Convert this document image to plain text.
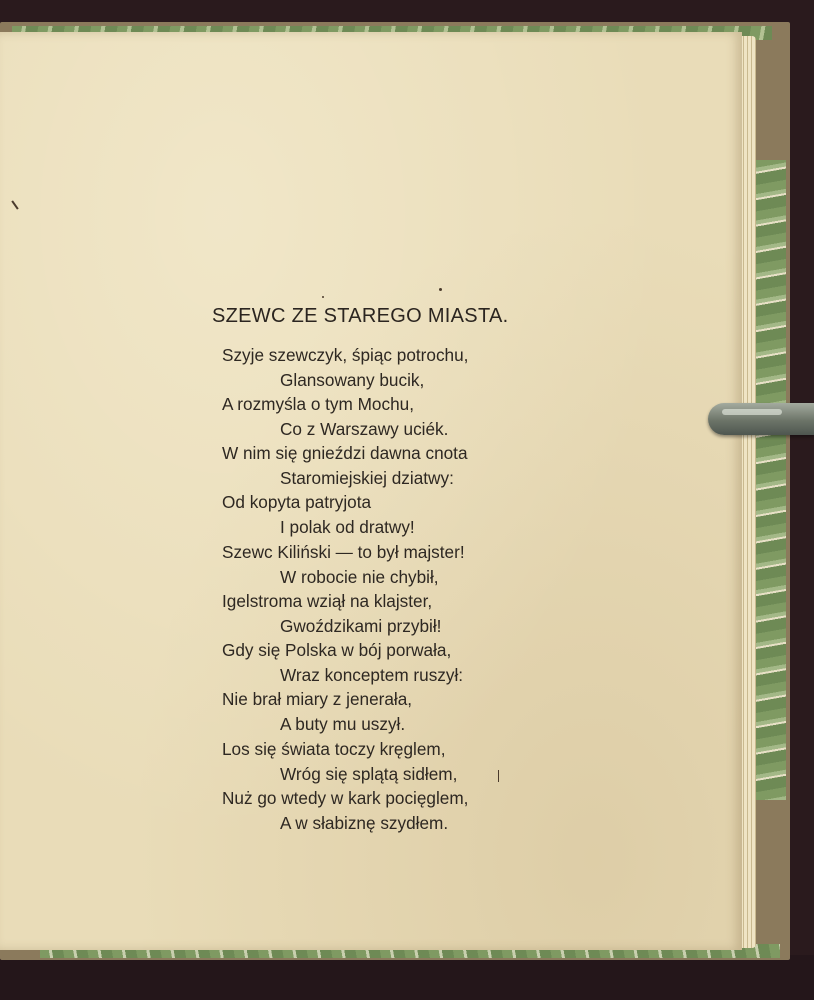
SZEWC ZE STAREGO MIASTA.
Szyje szewczyk, śpiąc potrochu,
Glansowany bucik,
A rozmyśla o tym Mochu,
Co z Warszawy uciék.
W nim się gnieździ dawna cnota
Staromiejskiej dziatwy:
Od kopyta patryjota
I polak od dratwy!
Szewc Kiliński — to był majster!
W robocie nie chybił,
Igelstroma wziął na klajster,
Gwoździkami przybił!
Gdy się Polska w bój porwała,
Wraz konceptem ruszył:
Nie brał miary z jenerała,
A buty mu uszył.
Los się świata toczy kręglem,
Wróg się splątą sidłem,
Nuż go wtedy w kark pocięglem,
A w słabiznę szydłem.
